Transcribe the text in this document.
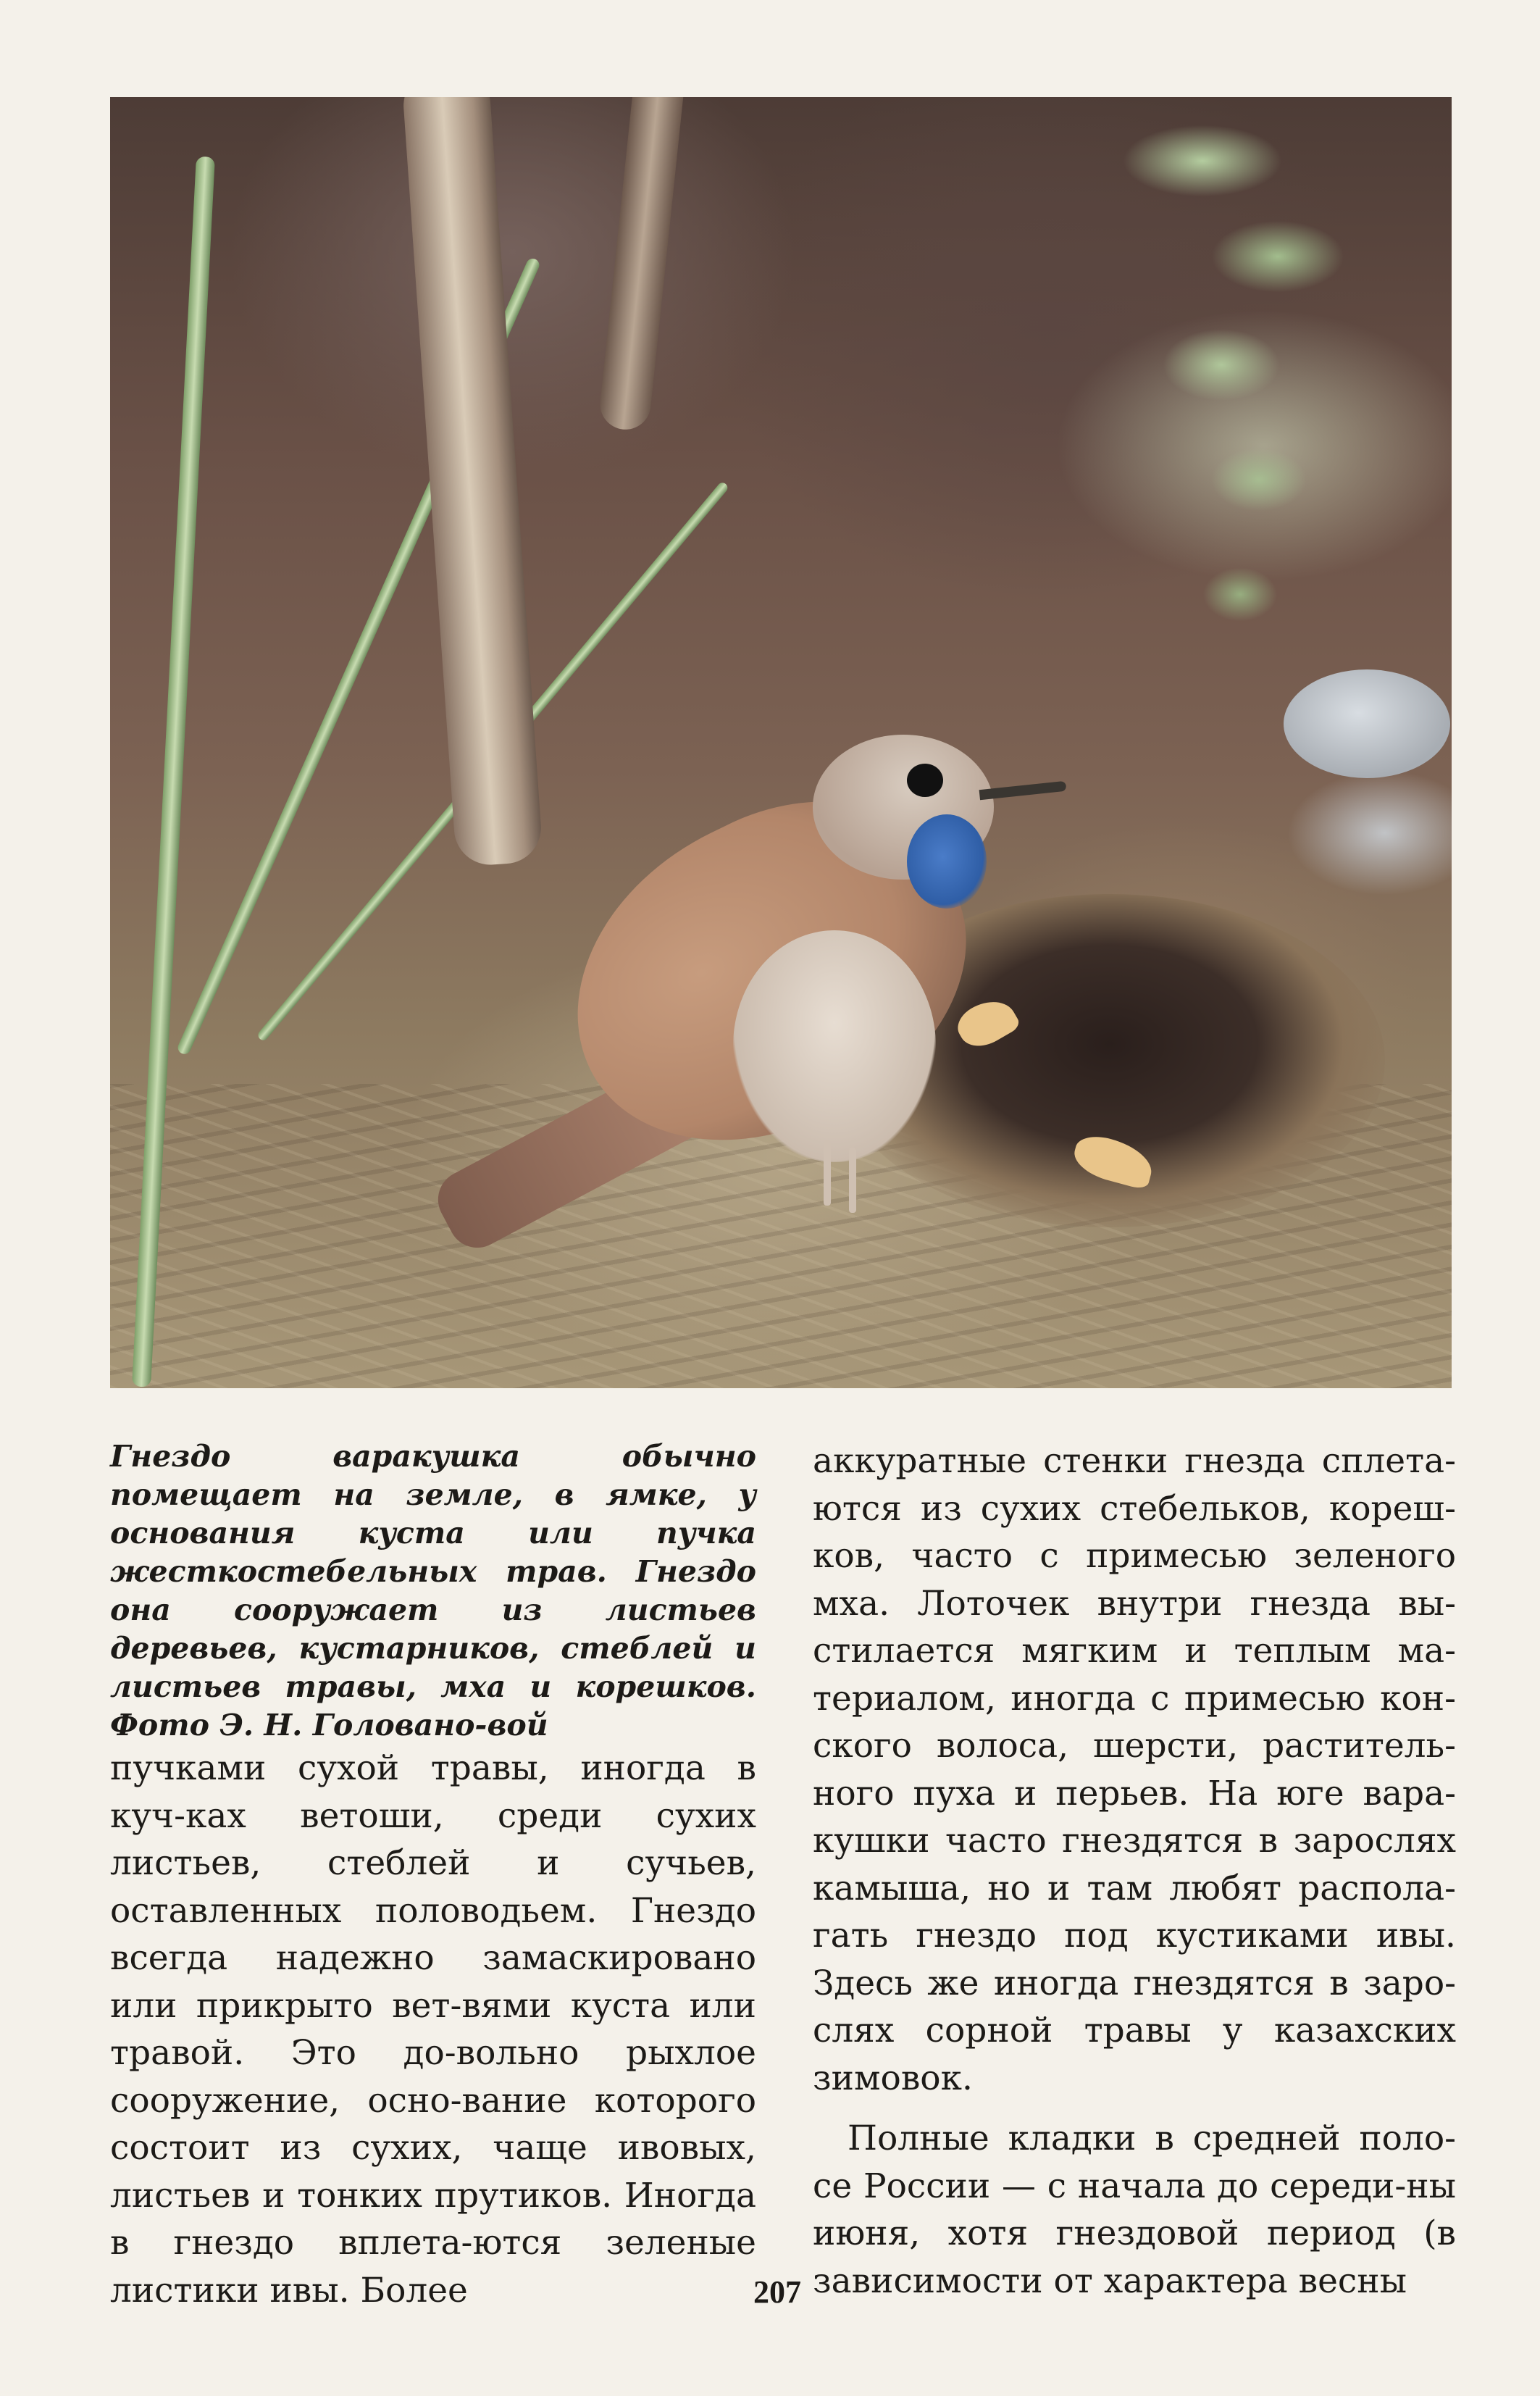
Гнездо варакушка обычно помещает на земле, в ямке, у основания куста или пучка жесткостебельных трав. Гнездо она сооружает из листьев деревьев, кустарников, стеблей и листьев травы, мха и корешков. Фото Э. Н. Головано-вой

пучками сухой травы, иногда в куч-ках ветоши, среди сухих листьев, стеблей и сучьев, оставленных половодьем. Гнездо всегда надежно замаскировано или прикрыто вет-вями куста или травой. Это до-вольно рыхлое сооружение, осно-вание которого состоит из сухих, чаще ивовых, листьев и тонких прутиков. Иногда в гнездо вплета-ются зеленые листики ивы. Более

аккуратные стенки гнезда сплета-ются из сухих стебельков, кореш-ков, часто с примесью зеленого мха. Лоточек внутри гнезда вы-стилается мягким и теплым ма-териалом, иногда с примесью кон-ского волоса, шерсти, раститель-ного пуха и перьев. На юге вара-кушки часто гнездятся в зарослях камыша, но и там любят распола-гать гнездо под кустиками ивы. Здесь же иногда гнездятся в заро-слях сорной травы у казахских зимовок.

Полные кладки в средней поло-се России — с начала до середи-ны июня, хотя гнездовой период (в зависимости от характера весны

207
